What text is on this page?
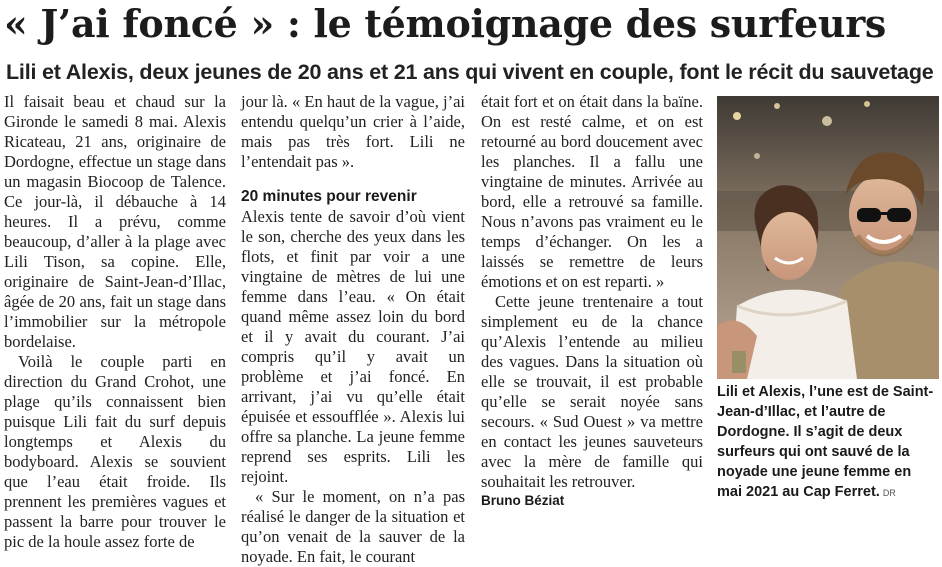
« J’ai foncé » : le témoignage des surfeurs
Lili et Alexis, deux jeunes de 20 ans et 21 ans qui vivent en couple, font le récit du sauvetage

Il faisait beau et chaud sur la Gironde le samedi 8 mai. Alexis Ricateau, 21 ans, originaire de Dordogne, effectue un stage dans un magasin Biocoop de Talence. Ce jour-là, il débauche à 14 heures. Il a prévu, comme beaucoup, d’aller à la plage avec Lili Tison, sa copine. Elle, originaire de Saint-Jean-d’Illac, âgée de 20 ans, fait un stage dans l’immobilier sur la métropole bordelaise.

Voilà le couple parti en direction du Grand Crohot, une plage qu’ils connaissent bien puisque Lili fait du surf depuis longtemps et Alexis du bodyboard. Alexis se souvient que l’eau était froide. Ils prennent les premières vagues et passent la barre pour trouver le pic de la houle assez forte de

jour là. « En haut de la vague, j’ai entendu quelqu’un crier à l’aide, mais pas très fort. Lili ne l’entendait pas ».

20 minutes pour revenir

Alexis tente de savoir d’où vient le son, cherche des yeux dans les flots, et finit par voir a une vingtaine de mètres de lui une femme dans l’eau. « On était quand même assez loin du bord et il y avait du courant. J’ai compris qu’il y avait un problème et j’ai foncé. En arrivant, j’ai vu qu’elle était épuisée et essoufflée ». Alexis lui offre sa planche. La jeune femme reprend ses esprits. Lili les rejoint.

« Sur le moment, on n’a pas réalisé le danger de la situation et qu’on venait de la sauver de la noyade. En fait, le courant

était fort et on était dans la baïne. On est resté calme, et on est retourné au bord doucement avec les planches. Il a fallu une vingtaine de minutes. Arrivée au bord, elle a retrouvé sa famille. Nous n’avons pas vraiment eu le temps d’échanger. On les a laissés se remettre de leurs émotions et on est reparti. »

Cette jeune trentenaire a tout simplement eu de la chance qu’Alexis l’entende au milieu des vagues. Dans la situation où elle se trouvait, il est probable qu’elle se serait noyée sans secours. « Sud Ouest » va mettre en contact les jeunes sauveteurs avec la mère de famille qui souhaitait les retrouver.

Bruno Béziat
Lili et Alexis, l’une est de Saint-Jean-d’Illac, et l’autre de Dordogne. Il s’agit de deux surfeurs qui ont sauvé de la noyade une jeune femme en mai 2021 au Cap Ferret. DR
